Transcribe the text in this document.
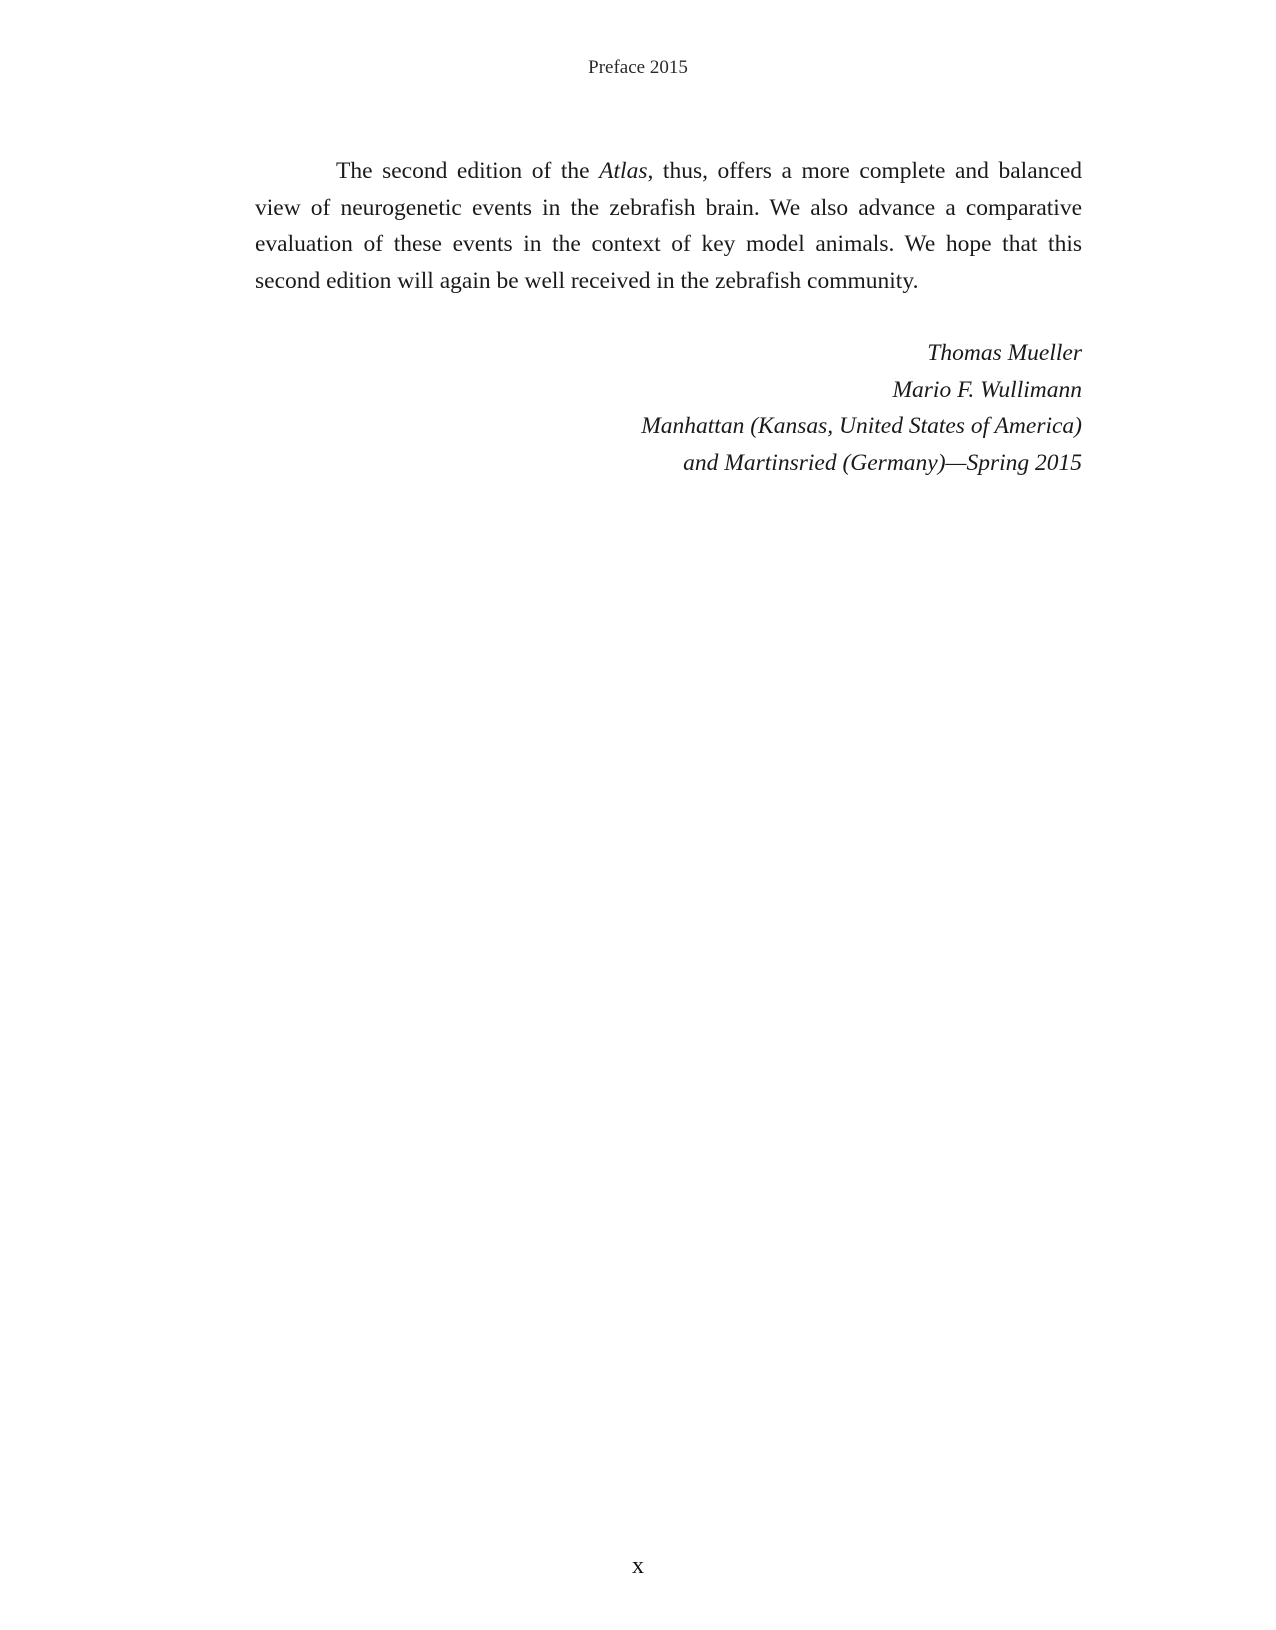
Preface 2015

The second edition of the Atlas, thus, offers a more complete and balanced view of neurogenetic events in the zebrafish brain. We also advance a comparative evaluation of these events in the context of key model animals. We hope that this second edition will again be well received in the zebrafish community.

Thomas Mueller
Mario F. Wullimann
Manhattan (Kansas, United States of America)
and Martinsried (Germany)—Spring 2015
x
